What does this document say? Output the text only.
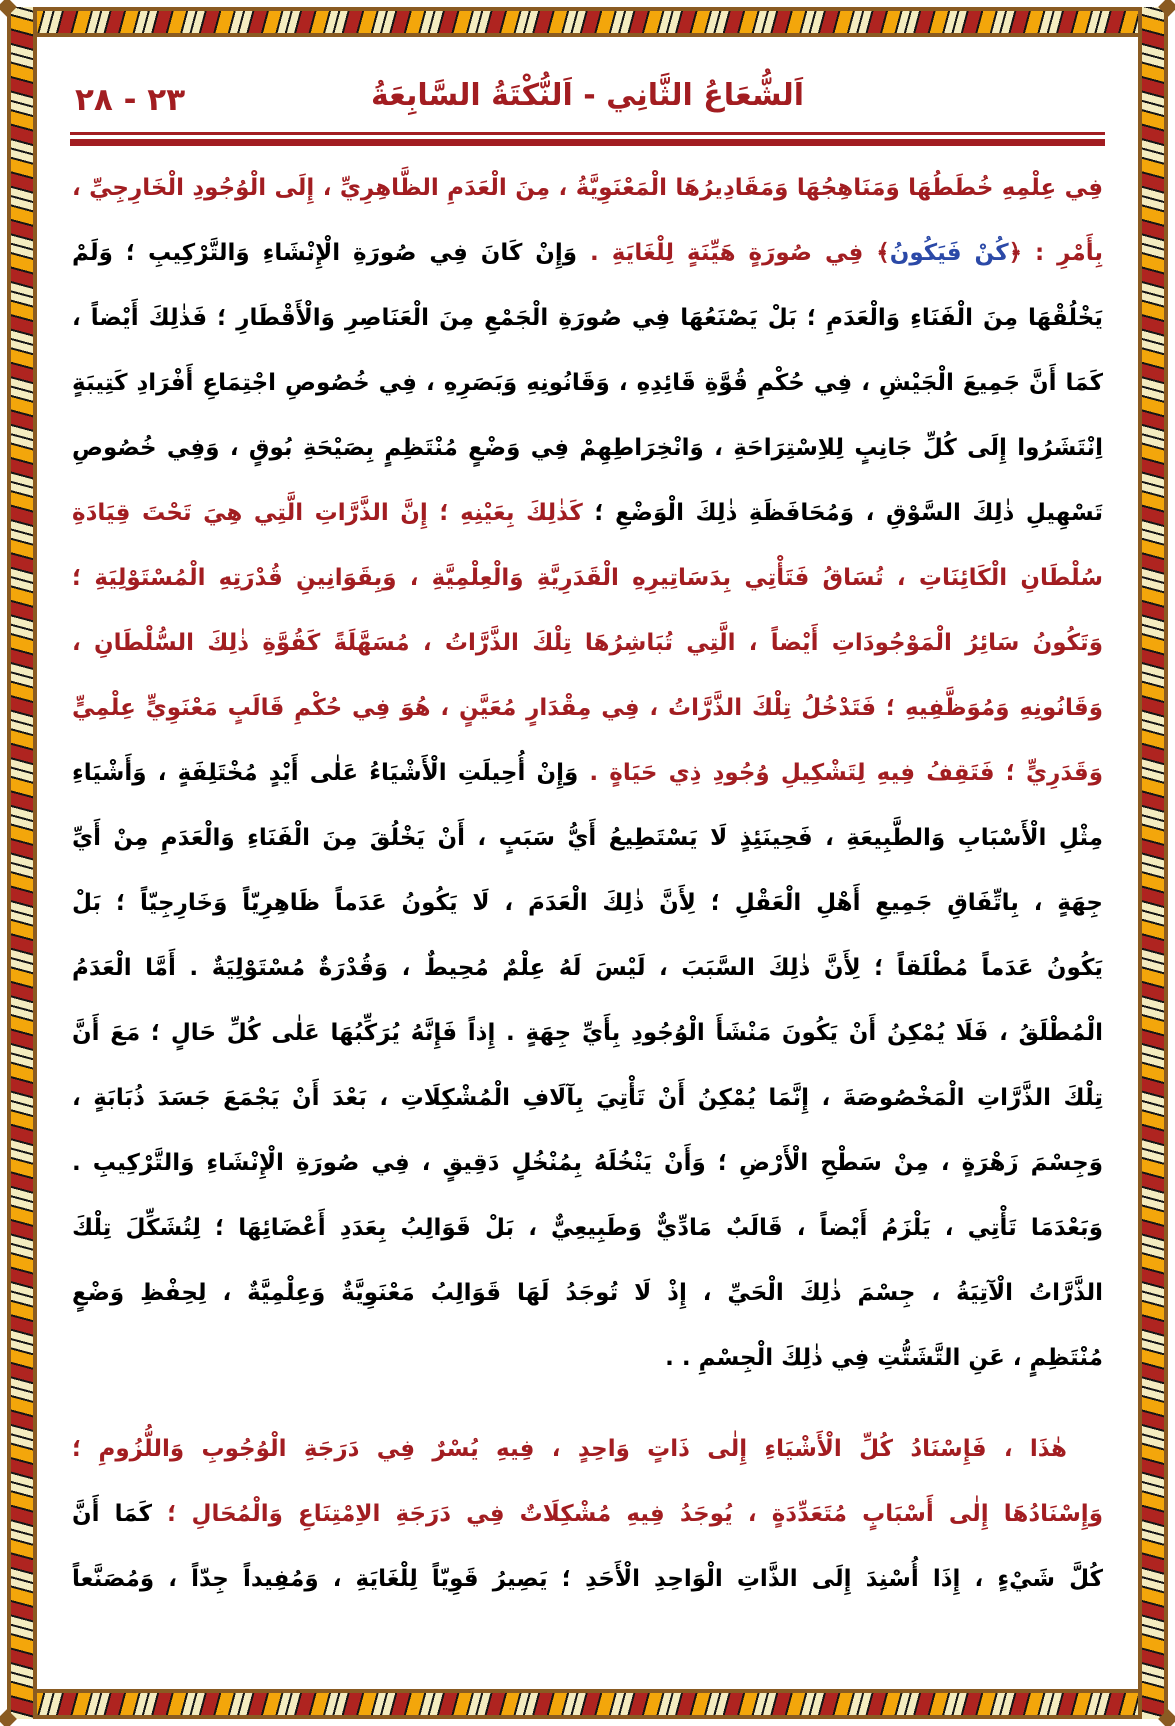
٢٣ - ٢٨	اَلشُّعَاعُ الثَّانِي - اَلنُّكْتَةُ السَّابِعَةُ
فِي عِلْمِهِ خُطَطُهَا وَمَنَاهِجُهَا وَمَقَادِيرُهَا الْمَعْنَوِيَّةُ ، مِنَ الْعَدَمِ الظَّاهِرِيِّ ، إِلَى الْوُجُودِ الْخَارِجِيِّ ،
بِأَمْرِ : ﴿كُنْ فَيَكُونُ﴾ فِي صُورَةٍ هَيِّنَةٍ لِلْغَايَةِ . وَإِنْ كَانَ فِي صُورَةِ الْإِنْشَاءِ وَالتَّرْكِيبِ ؛ وَلَمْ
يَخْلُقْهَا مِنَ الْفَنَاءِ وَالْعَدَمِ ؛ بَلْ يَصْنَعُهَا فِي صُورَةِ الْجَمْعِ مِنَ الْعَنَاصِرِ وَالْأَقْطَارِ ؛ فَذٰلِكَ أَيْضاً ،
كَمَا أَنَّ جَمِيعَ الْجَيْشِ ، فِي حُكْمِ قُوَّةِ قَائِدِهِ ، وَقَانُونِهِ وَبَصَرِهِ ، فِي خُصُوصِ اجْتِمَاعِ أَفْرَادِ كَتِيبَةٍ
اِنْتَشَرُوا إِلَى كُلِّ جَانِبٍ لِلاِسْتِرَاحَةِ ، وَانْخِرَاطِهِمْ فِي وَضْعٍ مُنْتَظِمٍ بِصَيْحَةِ بُوقٍ ، وَفِي خُصُوصِ
تَسْهِيلِ ذٰلِكَ السَّوْقِ ، وَمُحَافَظَةِ ذٰلِكَ الْوَضْعِ ؛ كَذٰلِكَ بِعَيْنِهِ ؛ إِنَّ الذَّرَّاتِ الَّتِي هِيَ تَحْتَ قِيَادَةِ
سُلْطَانِ الْكَائِنَاتِ ، تُسَاقُ فَتَأْتِي بِدَسَاتِيرِهِ الْقَدَرِيَّةِ وَالْعِلْمِيَّةِ ، وَبِقَوَانِينِ قُدْرَتِهِ الْمُسْتَوْلِيَةِ ؛
وَتَكُونُ سَائِرُ الْمَوْجُودَاتِ أَيْضاً ، الَّتِي تُبَاشِرُهَا تِلْكَ الذَّرَّاتُ ، مُسَهَّلَةً كَقُوَّةِ ذٰلِكَ السُّلْطَانِ ،
وَقَانُونِهِ وَمُوَظَّفِيهِ ؛ فَتَدْخُلُ تِلْكَ الذَّرَّاتُ ، فِي مِقْدَارٍ مُعَيَّنٍ ، هُوَ فِي حُكْمِ قَالَبٍ مَعْنَوِيٍّ عِلْمِيٍّ
وَقَدَرِيٍّ ؛ فَتَقِفُ فِيهِ لِتَشْكِيلِ وُجُودِ ذِي حَيَاةٍ . وَإِنْ أُحِيلَتِ الْأَشْيَاءُ عَلٰى أَيْدٍ مُخْتَلِفَةٍ ، وَأَشْيَاءِ
مِثْلِ الْأَسْبَابِ وَالطَّبِيعَةِ ، فَحِينَئِذٍ لَا يَسْتَطِيعُ أَيُّ سَبَبٍ ، أَنْ يَخْلُقَ مِنَ الْفَنَاءِ وَالْعَدَمِ مِنْ أَيِّ
جِهَةٍ ، بِاتِّفَاقِ جَمِيعِ أَهْلِ الْعَقْلِ ؛ لِأَنَّ ذٰلِكَ الْعَدَمَ ، لَا يَكُونُ عَدَماً ظَاهِرِيّاً وَخَارِجِيّاً ؛ بَلْ
يَكُونُ عَدَماً مُطْلَقاً ؛ لِأَنَّ ذٰلِكَ السَّبَبَ ، لَيْسَ لَهُ عِلْمٌ مُحِيطٌ ، وَقُدْرَةٌ مُسْتَوْلِيَةٌ . أَمَّا الْعَدَمُ
الْمُطْلَقُ ، فَلَا يُمْكِنُ أَنْ يَكُونَ مَنْشَأَ الْوُجُودِ بِأَيِّ جِهَةٍ . إِذاً فَإِنَّهُ يُرَكِّبُهَا عَلٰى كُلِّ حَالٍ ؛ مَعَ أَنَّ
تِلْكَ الذَّرَّاتِ الْمَخْصُوصَةَ ، إِنَّمَا يُمْكِنُ أَنْ تَأْتِيَ بِآلَافِ الْمُشْكِلَاتِ ، بَعْدَ أَنْ يَجْمَعَ جَسَدَ ذُبَابَةٍ ،
وَجِسْمَ زَهْرَةٍ ، مِنْ سَطْحِ الْأَرْضِ ؛ وَأَنْ يَنْخُلَهُ بِمُنْخُلٍ دَقِيقٍ ، فِي صُورَةِ الْإِنْشَاءِ وَالتَّرْكِيبِ .
وَبَعْدَمَا تَأْتِي ، يَلْزَمُ أَيْضاً ، قَالَبٌ مَادِّيٌّ وَطَبِيعِيٌّ ، بَلْ قَوَالِبُ بِعَدَدِ أَعْضَائِهَا ؛ لِتُشَكِّلَ تِلْكَ
الذَّرَّاتُ الْآتِيَةُ ، جِسْمَ ذٰلِكَ الْحَيِّ ، إِذْ لَا تُوجَدُ لَهَا قَوَالِبُ مَعْنَوِيَّةٌ وَعِلْمِيَّةٌ ، لِحِفْظِ وَضْعٍ
مُنْتَظِمٍ ، عَنِ التَّشَتُّتِ فِي ذٰلِكَ الْجِسْمِ . .
هٰذَا ، فَإِسْنَادُ كُلِّ الْأَشْيَاءِ إِلٰى ذَاتٍ وَاحِدٍ ، فِيهِ يُسْرٌ فِي دَرَجَةِ الْوُجُوبِ وَاللُّزُومِ ؛
وَإِسْنَادُهَا إِلٰى أَسْبَابٍ مُتَعَدِّدَةٍ ، يُوجَدُ فِيهِ مُشْكِلَاتٌ فِي دَرَجَةِ الاِمْتِنَاعِ وَالْمُحَالِ ؛ كَمَا أَنَّ
كُلَّ شَيْءٍ ، إِذَا أُسْنِدَ إِلَى الذَّاتِ الْوَاحِدِ الْأَحَدِ ؛ يَصِيرُ قَوِيّاً لِلْغَايَةِ ، وَمُفِيداً جِدّاً ، وَمُصَنَّعاً
